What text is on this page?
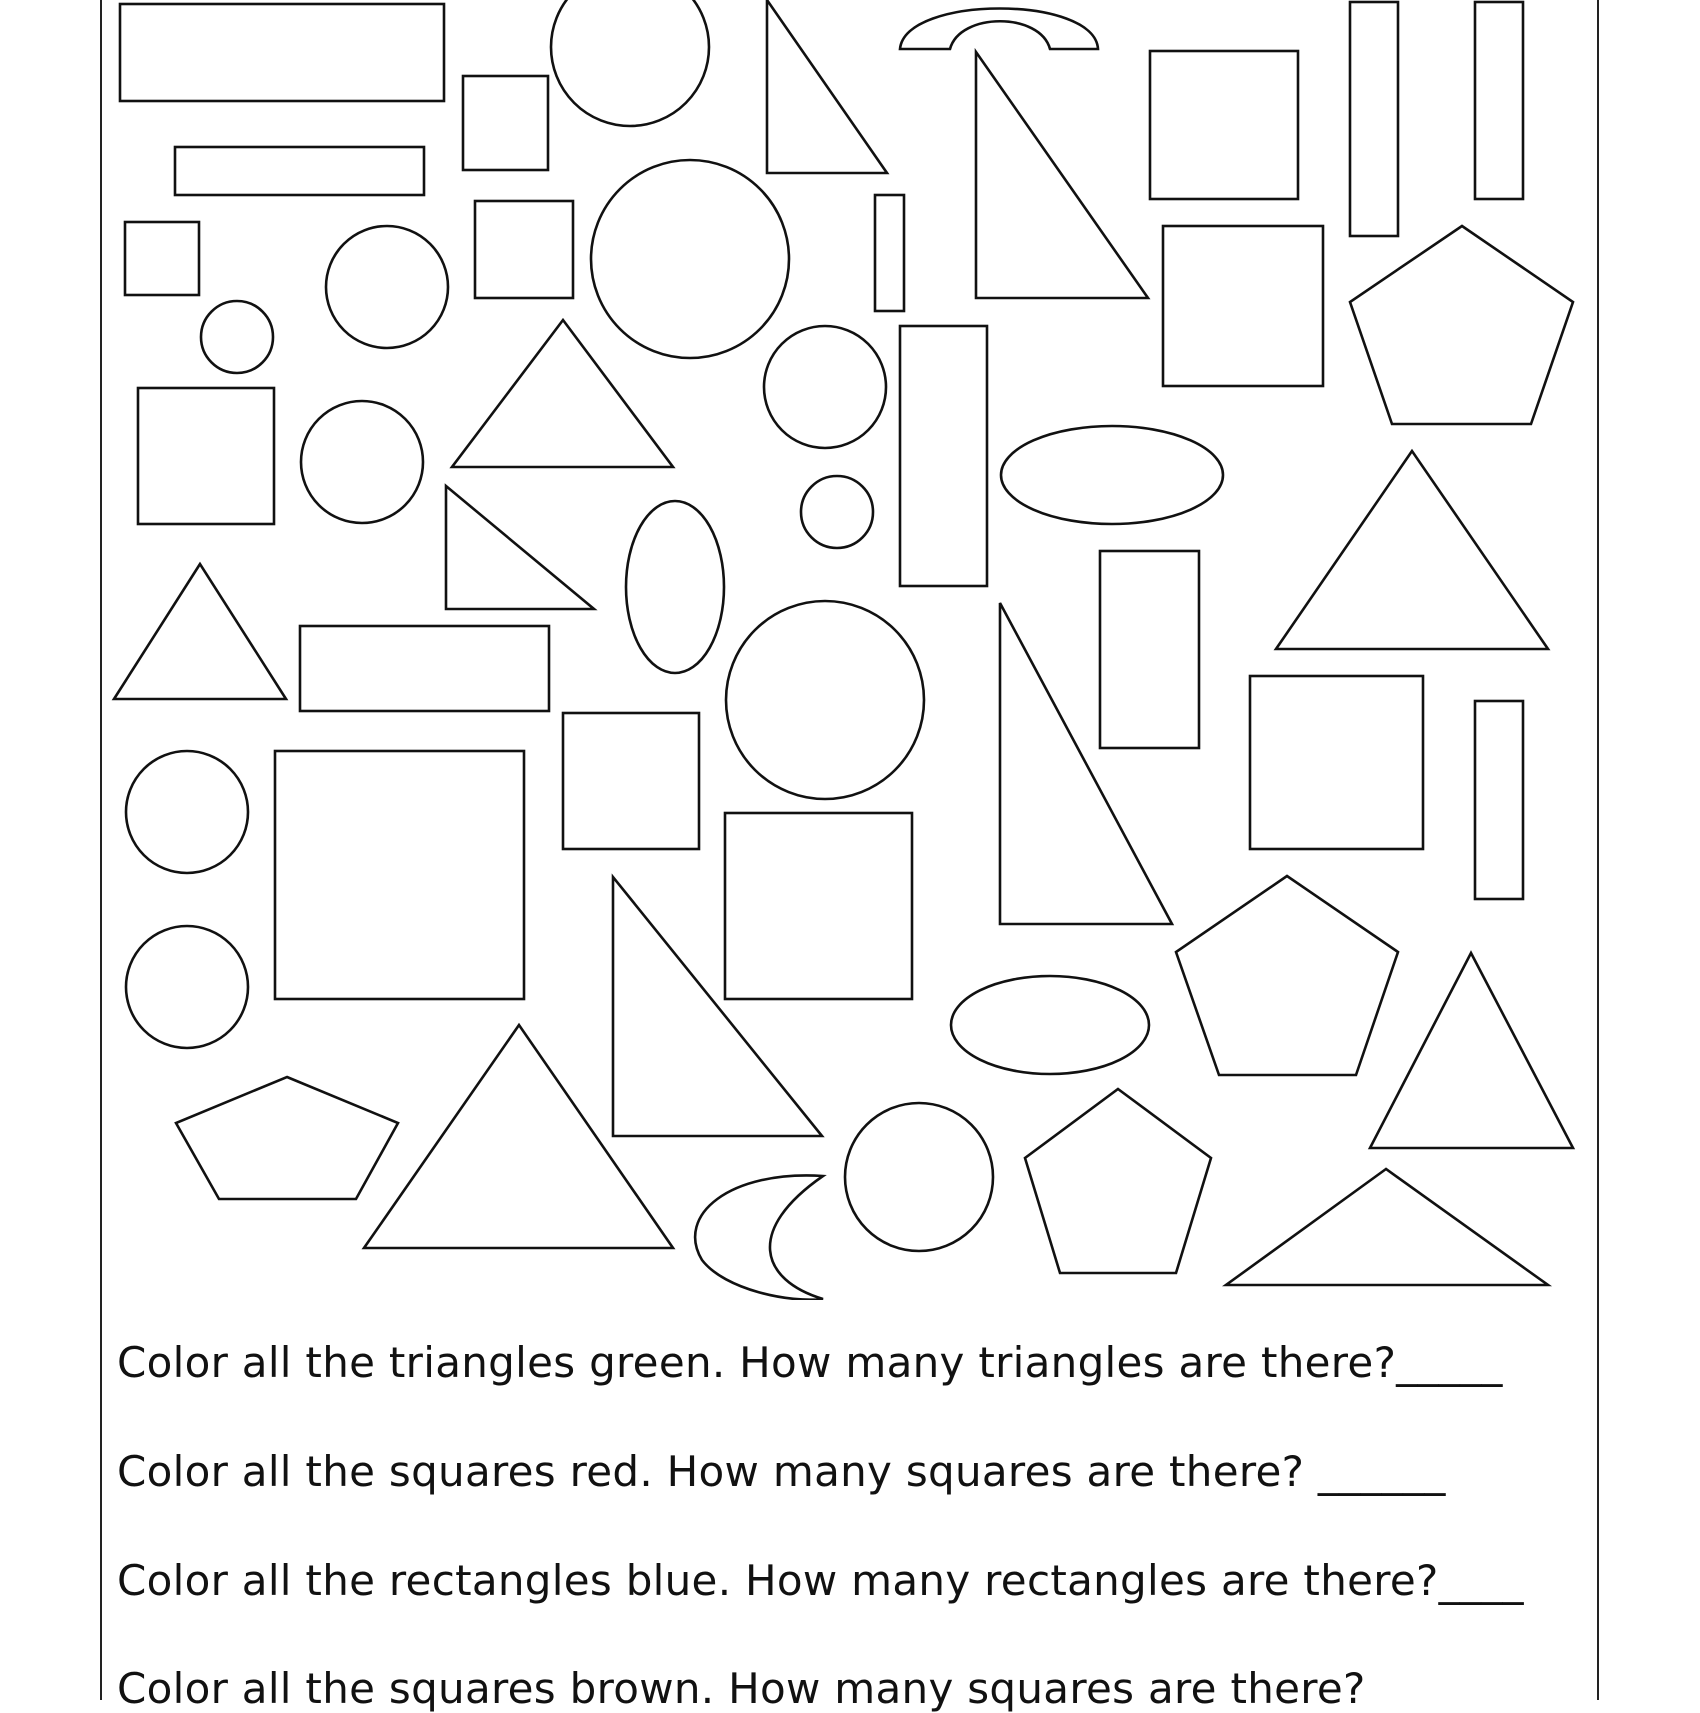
Color all the triangles green. How many triangles are there?_____

Color all the squares red. How many squares are there? ______

Color all the rectangles blue. How many rectangles are there?____

Color all the squares brown. How many squares are there?
